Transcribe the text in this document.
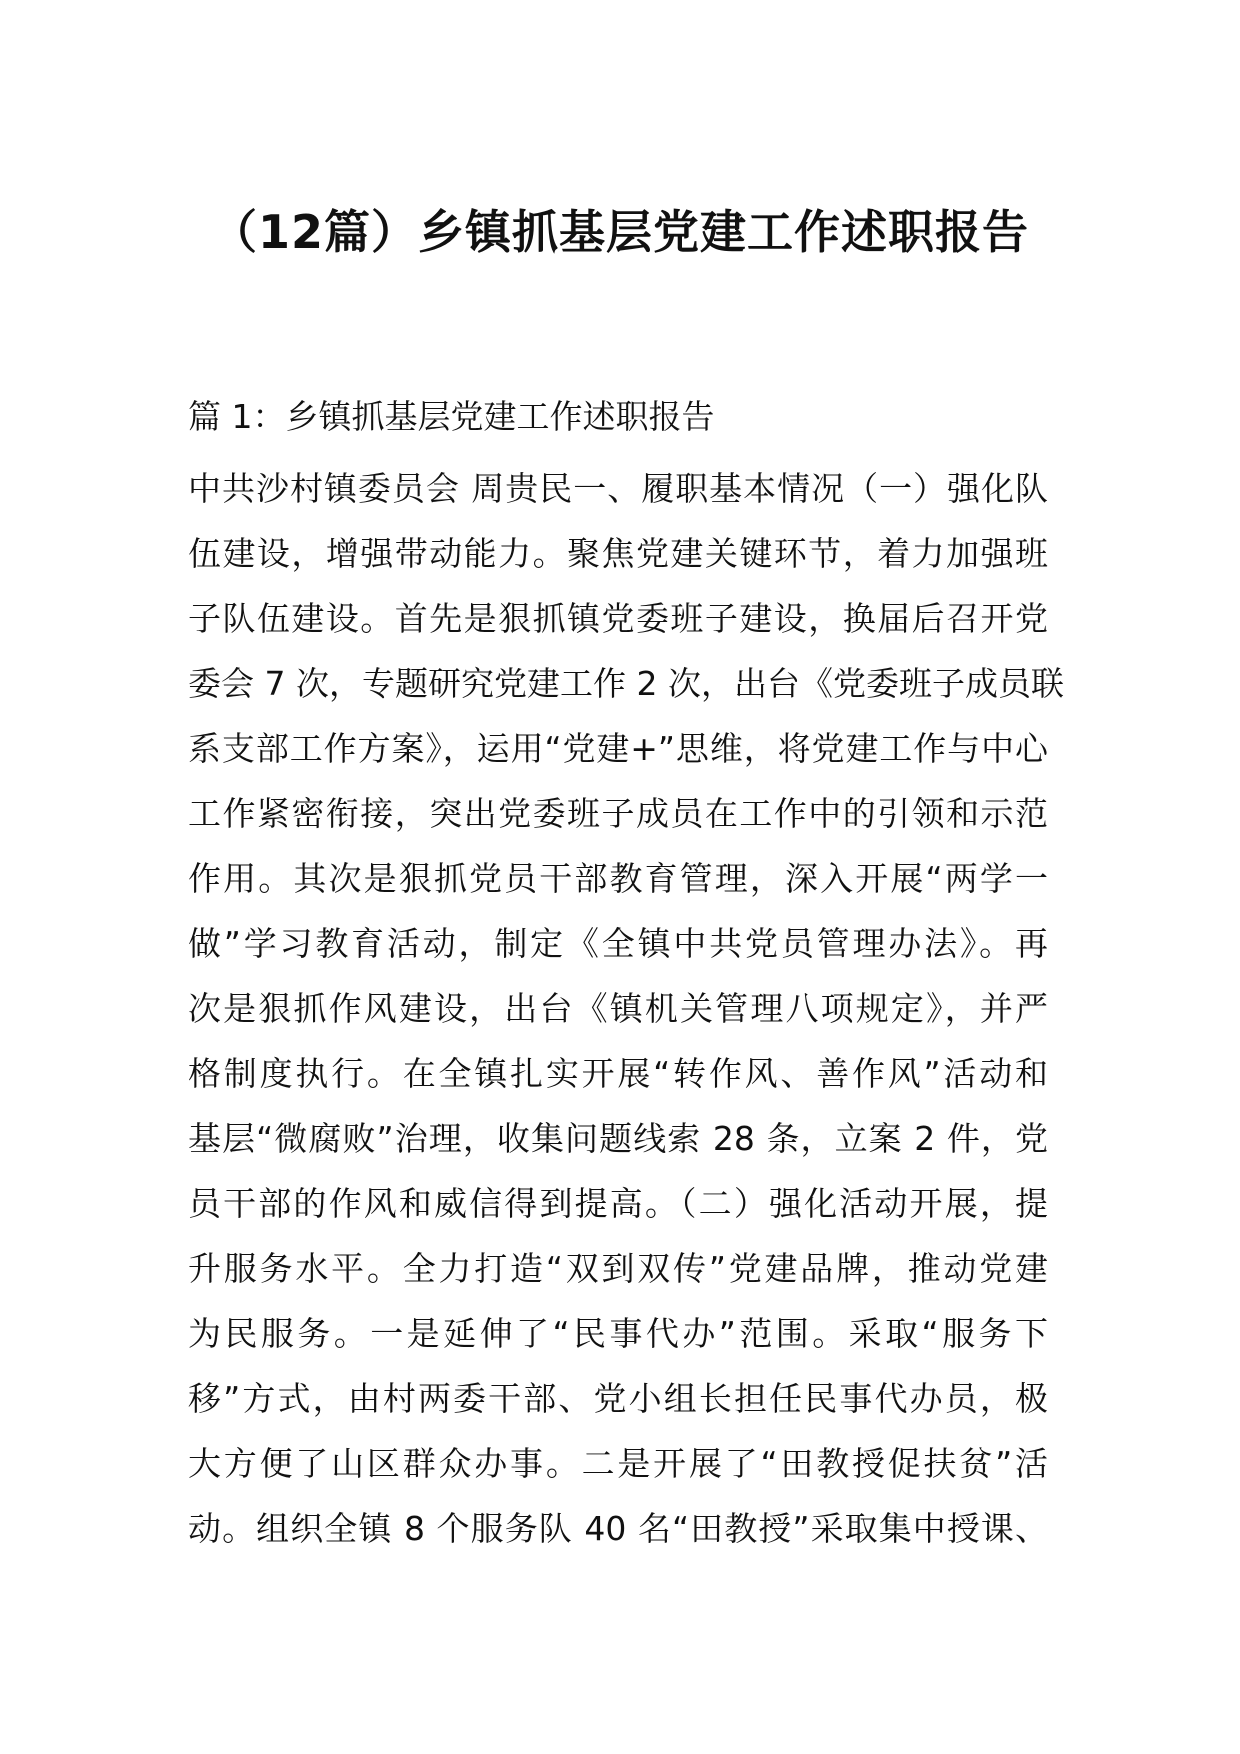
（12篇）乡镇抓基层党建工作述职报告

篇 1：乡镇抓基层党建工作述职报告

中共沙村镇委员会 周贵民一、履职基本情况（一）强化队
伍建设，增强带动能力。聚焦党建关键环节，着力加强班
子队伍建设。首先是狠抓镇党委班子建设，换届后召开党
委会 7 次，专题研究党建工作 2 次，出台《党委班子成员联
系支部工作方案》，运用“党建+”思维，将党建工作与中心
工作紧密衔接，突出党委班子成员在工作中的引领和示范
作用。其次是狠抓党员干部教育管理，深入开展“两学一
做”学习教育活动，制定《全镇中共党员管理办法》。再
次是狠抓作风建设，出台《镇机关管理八项规定》，并严
格制度执行。在全镇扎实开展“转作风、善作风”活动和
基层“微腐败”治理，收集问题线索 28 条，立案 2 件，党
员干部的作风和威信得到提高。（二）强化活动开展，提
升服务水平。全力打造“双到双传”党建品牌，推动党建
为民服务。一是延伸了“民事代办”范围。采取“服务下
移”方式，由村两委干部、党小组长担任民事代办员，极
大方便了山区群众办事。二是开展了“田教授促扶贫”活
动。组织全镇 8 个服务队 40 名“田教授”采取集中授课、
